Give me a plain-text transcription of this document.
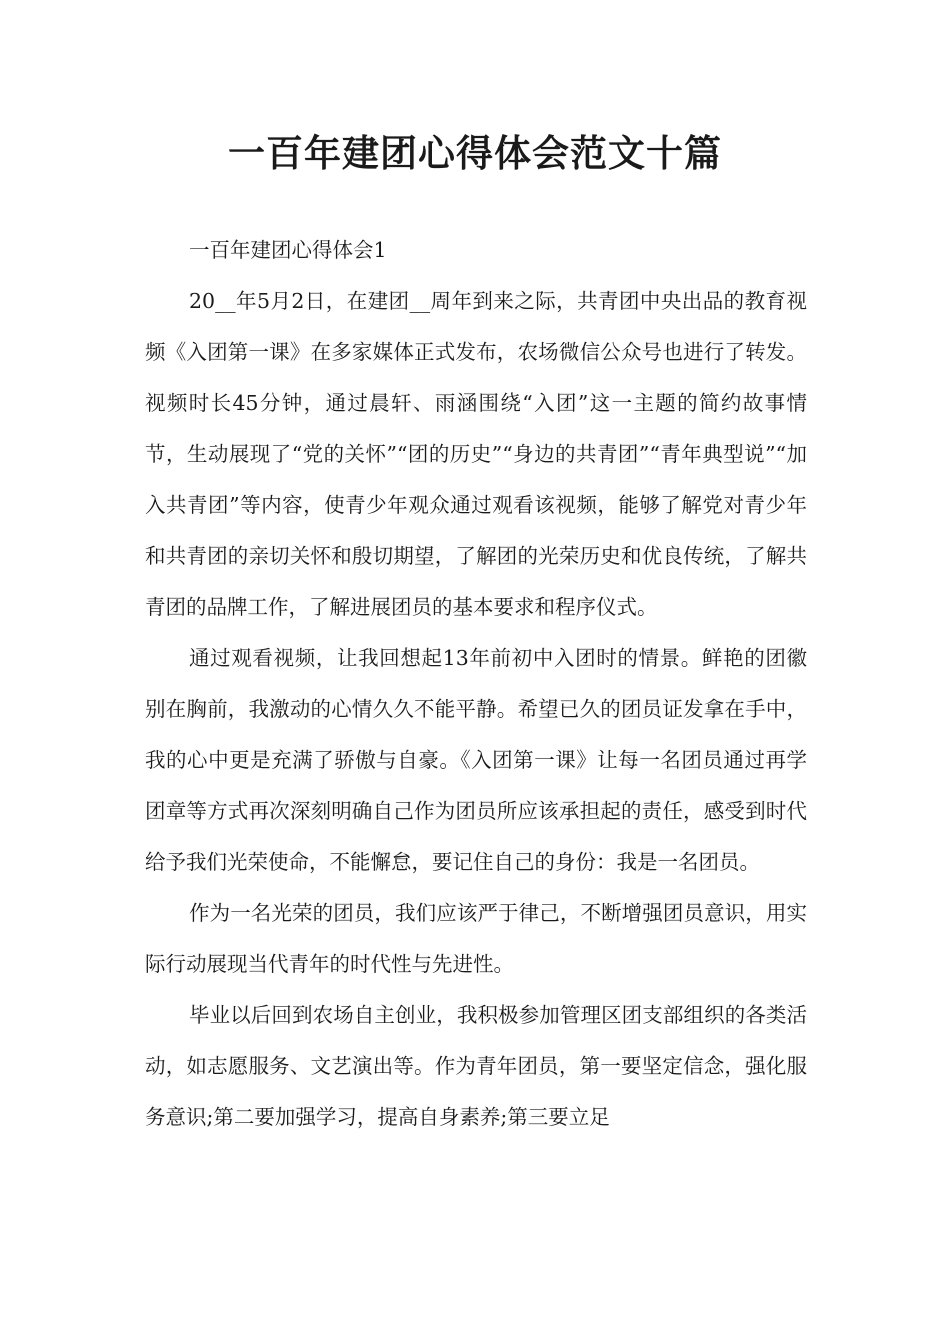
一百年建团心得体会范文十篇

一百年建团心得体会1

20__年5月2日，在建团__周年到来之际，共青团中央出品的教育视频《入团第一课》在多家媒体正式发布，农场微信公众号也进行了转发。视频时长45分钟，通过晨轩、雨涵围绕“入团”这一主题的简约故事情节，生动展现了“党的关怀”“团的历史”“身边的共青团”“青年典型说”“加入共青团”等内容，使青少年观众通过观看该视频，能够了解党对青少年和共青团的亲切关怀和殷切期望，了解团的光荣历史和优良传统，了解共青团的品牌工作，了解进展团员的基本要求和程序仪式。

通过观看视频，让我回想起13年前初中入团时的情景。鲜艳的团徽别在胸前，我激动的心情久久不能平静。希望已久的团员证发拿在手中，我的心中更是充满了骄傲与自豪。《入团第一课》让每一名团员通过再学团章等方式再次深刻明确自己作为团员所应该承担起的责任，感受到时代给予我们光荣使命，不能懈怠，要记住自己的身份：我是一名团员。

作为一名光荣的团员，我们应该严于律己，不断增强团员意识，用实际行动展现当代青年的时代性与先进性。

毕业以后回到农场自主创业，我积极参加管理区团支部组织的各类活动，如志愿服务、文艺演出等。作为青年团员，第一要坚定信念，强化服务意识;第二要加强学习，提高自身素养;第三要立足
